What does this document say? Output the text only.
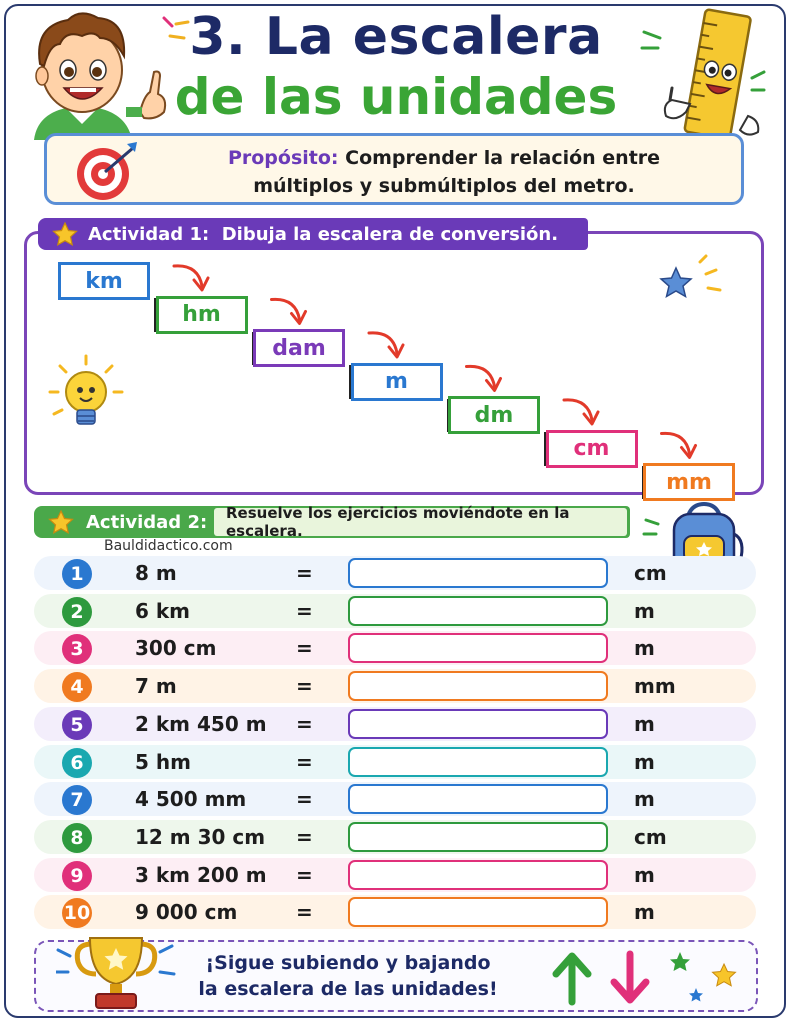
3. La escalera
de las unidades
Propósito: Comprender la relación entre
múltiplos y submúltiplos del metro.
Actividad 1:
Dibuja la escalera de conversión.
km
hm
dam
m
dm
cm
mm
Actividad 2:	Resuelve los ejercicios moviéndote en la escalera.
Bauldidactico.com
1	8 m	=	cm
2	6 km	=	m
3	300 cm	=	m
4	7 m	=	mm
5	2 km 450 m =	m
6	5 hm	=	m
7	4 500 mm =	m
8	12 m 30 cm =	cm
9	3 km 200 m =	m
10 9 000 cm	=	m
¡Sigue subiendo y bajando
la escalera de las unidades!
